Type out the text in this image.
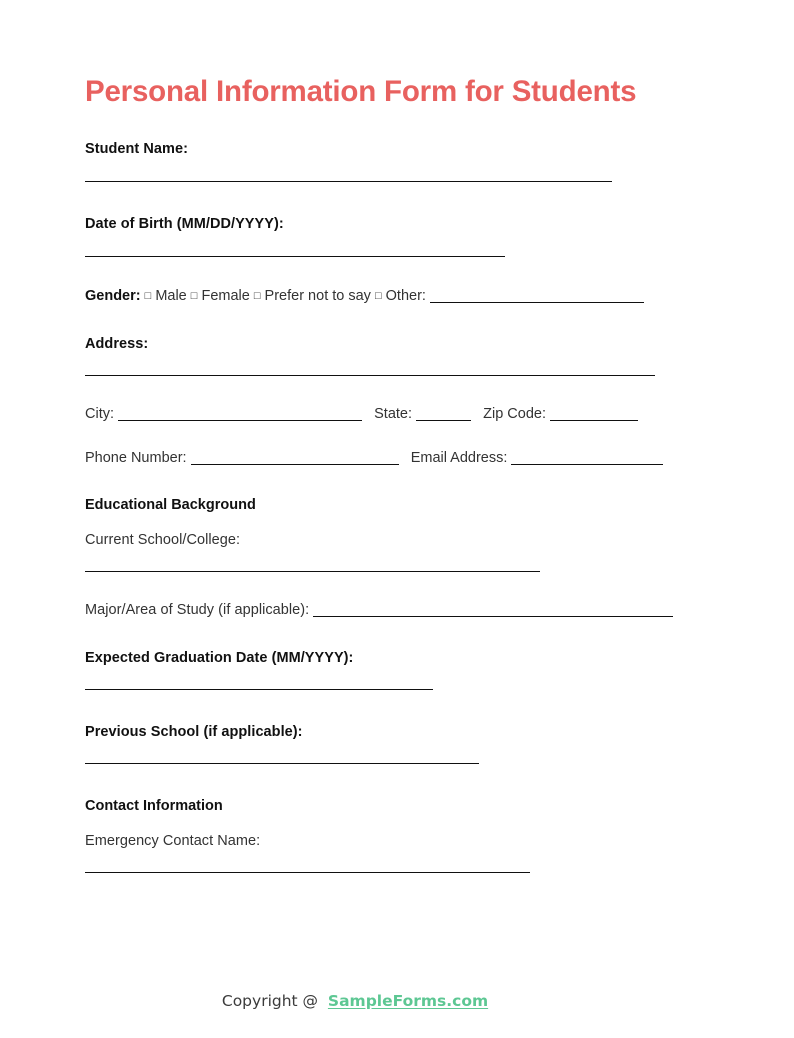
Personal Information Form for Students
Student Name:
Date of Birth (MM/DD/YYYY):
Gender: □ Male □ Female □ Prefer not to say □ Other:
Address:
City:	State:	Zip Code:
Phone Number:	Email Address:
Educational Background
Current School/College:
Major/Area of Study (if applicable):
Expected Graduation Date (MM/YYYY):
Previous School (if applicable):
Contact Information
Emergency Contact Name:
Copyright @ SampleForms.com
